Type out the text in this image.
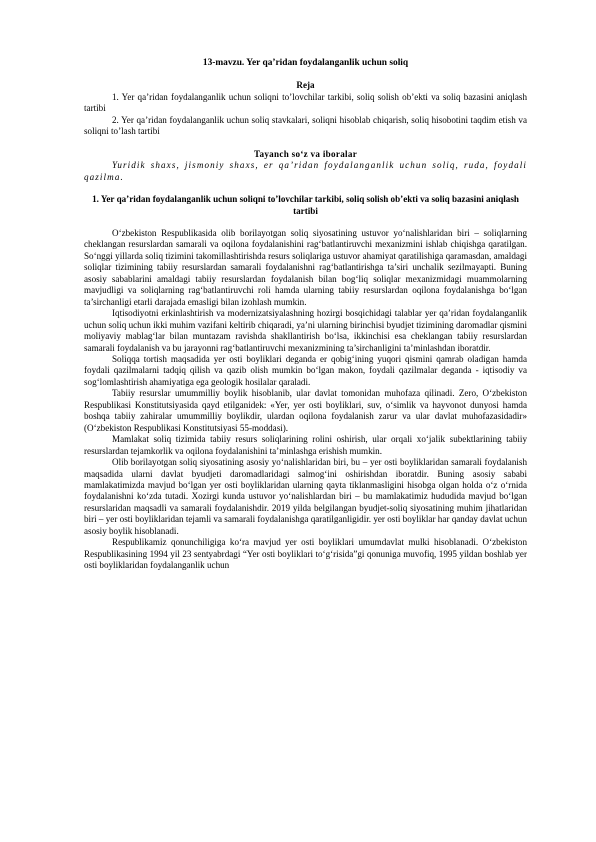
13-mavzu. Yer qa’ridan foydalanganlik uchun soliq
Reja

1. Yer qa’ridan foydalanganlik uchun soliqni to’lovchilar tarkibi, soliq solish ob’ekti va soliq bazasini aniqlash tartibi

2. Yer qa’ridan foydalanganlik uchun soliq stavkalari, soliqni hisoblab chiqarish, soliq hisobotini taqdim etish va soliqni to’lash tartibi

Tayanch so‘z va iboralar

Yuridik shaxs, jismoniy shaxs, er qa’ridan foydalanganlik uchun soliq, ruda, foydali qazilma.

1. Yer qa’ridan foydalanganlik uchun soliqni to’lovchilar tarkibi, soliq solish ob’ekti va soliq bazasini aniqlash tartibi

O‘zbekiston Respublikasida olib borilayotgan soliq siyosatining ustuvor yo‘nalishlaridan biri – soliqlarning cheklangan resurslardan samarali va oqilona foydalanishini rag‘batlantiruvchi mexanizmini ishlab chiqishga qaratilgan. So‘nggi yillarda soliq tizimini takomillashtirishda resurs soliqlariga ustuvor ahamiyat qaratilishiga qaramasdan, amaldagi soliqlar tizimining tabiiy resurslardan samarali foydalanishni rag‘batlantirishga ta’siri unchalik sezilmayapti. Buning asosiy sabablarini amaldagi tabiiy resurslardan foydalanish bilan bog‘liq soliqlar mexanizmidagi muammolarning mavjudligi va soliqlarning rag‘batlantiruvchi roli hamda ularning tabiiy resurslardan oqilona foydalanishga bo‘lgan ta’sirchanligi etarli darajada emasligi bilan izohlash mumkin.

Iqtisodiyotni erkinlashtirish va modernizatsiyalashning hozirgi bosqichidagi talablar yer qa’ridan foydalanganlik uchun soliq uchun ikki muhim vazifani keltirib chiqaradi, ya’ni ularning birinchisi byudjet tizimining daromadlar qismini moliyaviy mablag‘lar bilan muntazam ravishda shakllantirish bo‘lsa, ikkinchisi esa cheklangan tabiiy resurslardan samarali foydalanish va bu jarayonni rag‘batlantiruvchi mexanizmining ta’sirchanligini ta’minlashdan iboratdir.

Soliqqa tortish maqsadida yer osti boyliklari deganda er qobig‘ining yuqori qismini qamrab oladigan hamda foydali qazilmalarni tadqiq qilish va qazib olish mumkin bo‘lgan makon, foydali qazilmalar deganda - iqtisodiy va sog‘lomlashtirish ahamiyatiga ega geologik hosilalar qaraladi.

Tabiiy resurslar umummilliy boylik hisoblanib, ular davlat tomonidan muhofaza qilinadi. Zero, O‘zbekiston Respublikasi Konstitutsiyasida qayd etilganidek: «Yer, yer osti boyliklari, suv, o‘simlik va hayvonot dunyosi hamda boshqa tabiiy zahiralar umummilliy boylikdir, ulardan oqilona foydalanish zarur va ular davlat muhofazasidadir» (O‘zbekiston Respublikasi Konstitutsiyasi 55-moddasi).

Mamlakat soliq tizimida tabiiy resurs soliqlarining rolini oshirish, ular orqali xo‘jalik subektlarining tabiiy resurslardan tejamkorlik va oqilona foydalanishini ta’minlashga erishish mumkin.

Olib borilayotgan soliq siyosatining asosiy yo‘nalishlaridan biri, bu – yer osti boyliklaridan samarali foydalanish maqsadida ularni davlat byudjeti daromadlaridagi salmog‘ini oshirishdan iboratdir. Buning asosiy sababi mamlakatimizda mavjud bo‘lgan yer osti boyliklaridan ularning qayta tiklanmasligini hisobga olgan holda o‘z o‘rnida foydalanishni ko‘zda tutadi. Xozirgi kunda ustuvor yo‘nalishlardan biri – bu mamlakatimiz hududida mavjud bo‘lgan resurslaridan maqsadli va samarali foydalanishdir. 2019 yilda belgilangan byudjet-soliq siyosatining muhim jihatlaridan biri – yer osti boyliklaridan tejamli va samarali foydalanishga qaratilganligidir. yer osti boyliklar har qanday davlat uchun asosiy boylik hisoblanadi.

Respublikamiz qonunchiligiga ko‘ra mavjud yer osti boyliklari umumdavlat mulki hisoblanadi. O‘zbekiston Respublikasining 1994 yil 23 sentyabrdagi “Yer osti boyliklari to‘g‘risida”gi qonuniga muvofiq, 1995 yildan boshlab yer osti boyliklaridan foydalanganlik uchun
